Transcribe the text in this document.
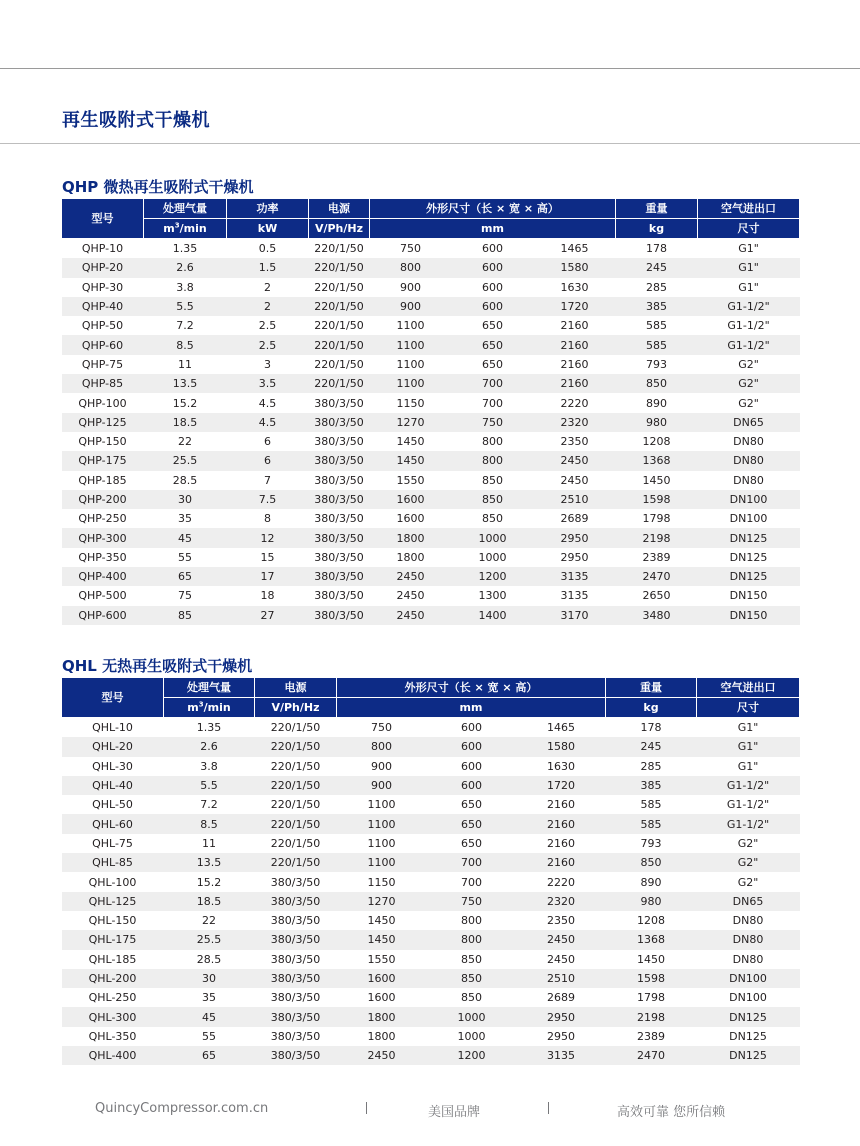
再生吸附式干燥机
QHP 微热再生吸附式干燥机
型号	处理气量	功率	电源	外形尺寸（长 × 宽 × 高）			重量	空气进出口
	$m^3/\min$	kW	V/Ph/Hz	mm			kg	尺寸
QHP-10	1.35	0.5	220/1/50	750	600	1465	178	G1"
QHP-20	2.6	1.5	220/1/50	800	600	1580	245	G1"
QHP-30	3.8	2	220/1/50	900	600	1630	285	G1"
QHP-40	5.5	2	220/1/50	900	600	1720	385	G1-1/2"
QHP-50	7.2	2.5	220/1/50	1100	650	2160	585	G1-1/2"
QHP-60	8.5	2.5	220/1/50	1100	650	2160	585	G1-1/2"
QHP-75	11	3	220/1/50	1100	650	2160	793	G2"
QHP-85	13.5	3.5	220/1/50	1100	700	2160	850	G2"
QHP-100	15.2	4.5	380/3/50	1150	700	2220	890	G2"
QHP-125	18.5	4.5	380/3/50	1270	750	2320	980	DN65
QHP-150	22	6	380/3/50	1450	800	2350	1208	DN80
QHP-175	25.5	6	380/3/50	1450	800	2450	1368	DN80
QHP-185	28.5	7	380/3/50	1550	850	2450	1450	DN80
QHP-200	30	7.5	380/3/50	1600	850	2510	1598	DN100
QHP-250	35	8	380/3/50	1600	850	2689	1798	DN100
QHP-300	45	12	380/3/50	1800	1000	2950	2198	DN125
QHP-350	55	15	380/3/50	1800	1000	2950	2389	DN125
QHP-400	65	17	380/3/50	2450	1200	3135	2470	DN125
QHP-500	75	18	380/3/50	2450	1300	3135	2650	DN150
QHP-600	85	27	380/3/50	2450	1400	3170	3480	DN150
QHL 无热再生吸附式干燥机
型号	处理气量	电源	外形尺寸（长 × 宽 × 高）			重量	空气进出口
	$m^3/\min$	V/Ph/Hz	mm			kg	尺寸
QHL-10	1.35	220/1/50	750	600	1465	178	G1"
QHL-20	2.6	220/1/50	800	600	1580	245	G1"
QHL-30	3.8	220/1/50	900	600	1630	285	G1"
QHL-40	5.5	220/1/50	900	600	1720	385	G1-1/2"
QHL-50	7.2	220/1/50	1100	650	2160	585	G1-1/2"
QHL-60	8.5	220/1/50	1100	650	2160	585	G1-1/2"
QHL-75	11	220/1/50	1100	650	2160	793	G2"
QHL-85	13.5	220/1/50	1100	700	2160	850	G2"
QHL-100	15.2	380/3/50	1150	700	2220	890	G2"
QHL-125	18.5	380/3/50	1270	750	2320	980	DN65
QHL-150	22	380/3/50	1450	800	2350	1208	DN80
QHL-175	25.5	380/3/50	1450	800	2450	1368	DN80
QHL-185	28.5	380/3/50	1550	850	2450	1450	DN80
QHL-200	30	380/3/50	1600	850	2510	1598	DN100
QHL-250	35	380/3/50	1600	850	2689	1798	DN100
QHL-300	45	380/3/50	1800	1000	2950	2198	DN125
QHL-350	55	380/3/50	1800	1000	2950	2389	DN125
QHL-400	65	380/3/50	2450	1200	3135	2470	DN125

QuincyCompressor.com.cn	美国品牌	高效可靠 您所信赖
